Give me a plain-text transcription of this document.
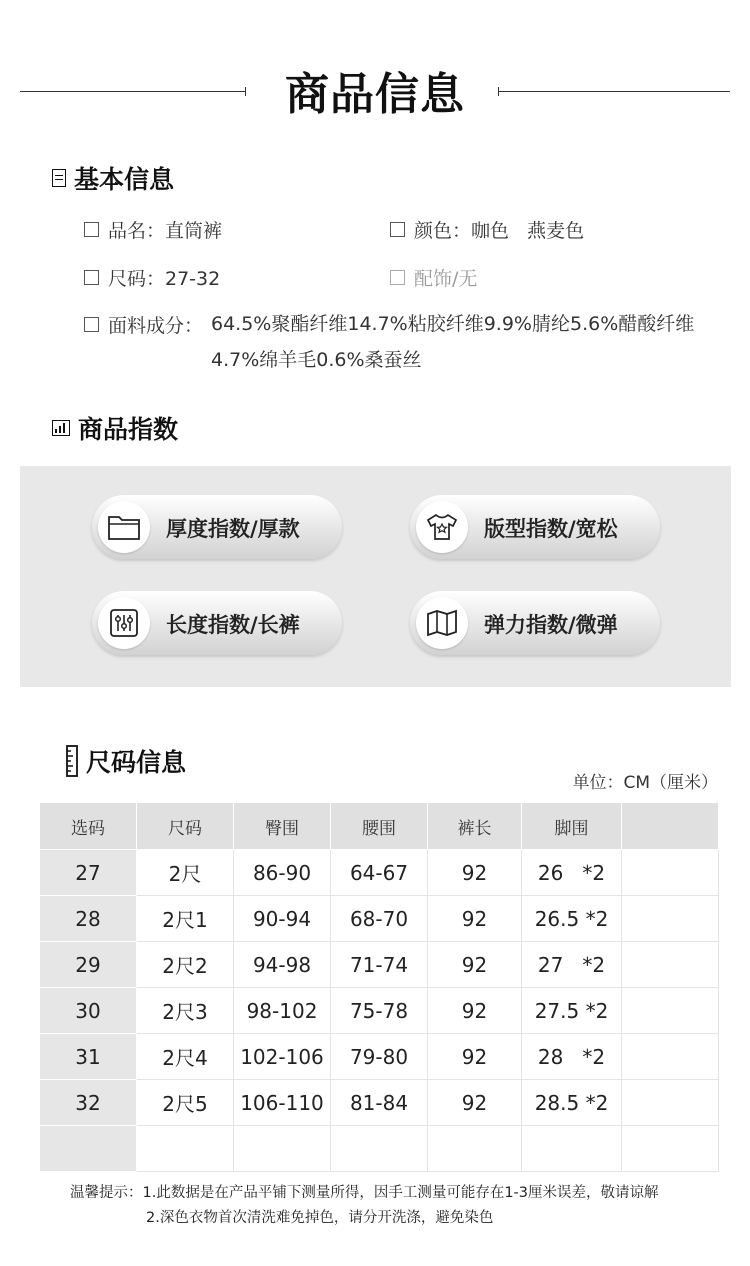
商品信息
基本信息
品名：直筒裤	颜色：咖色   燕麦色
尺码：27-32	配饰/无
面料成分： 64.5%聚酯纤维14.7%粘胶纤维9.9%腈纶5.6%醋酸纤维
4.7%绵羊毛0.6%桑蚕丝
商品指数
厚度指数/厚款	版型指数/宽松
长度指数/长裤	弹力指数/微弹
尺码信息
单位：CM（厘米）
选码	尺码	臀围	腰围	裤长	脚围	
27	2尺	86-90	64-67	92	26   *2	
28	2尺1	90-94	68-70	92	26.5 *2	
29	2尺2	94-98	71-74	92	27   *2	
30	2尺3	98-102	75-78	92	27.5 *2	
31	2尺4	102-106	79-80	92	28   *2	
32	2尺5	106-110	81-84	92	28.5 *2	

温馨提示：1.此数据是在产品平铺下测量所得，因手工测量可能存在1-3厘米误差，敬请谅解
2.深色衣物首次清洗难免掉色，请分开洗涤，避免染色
